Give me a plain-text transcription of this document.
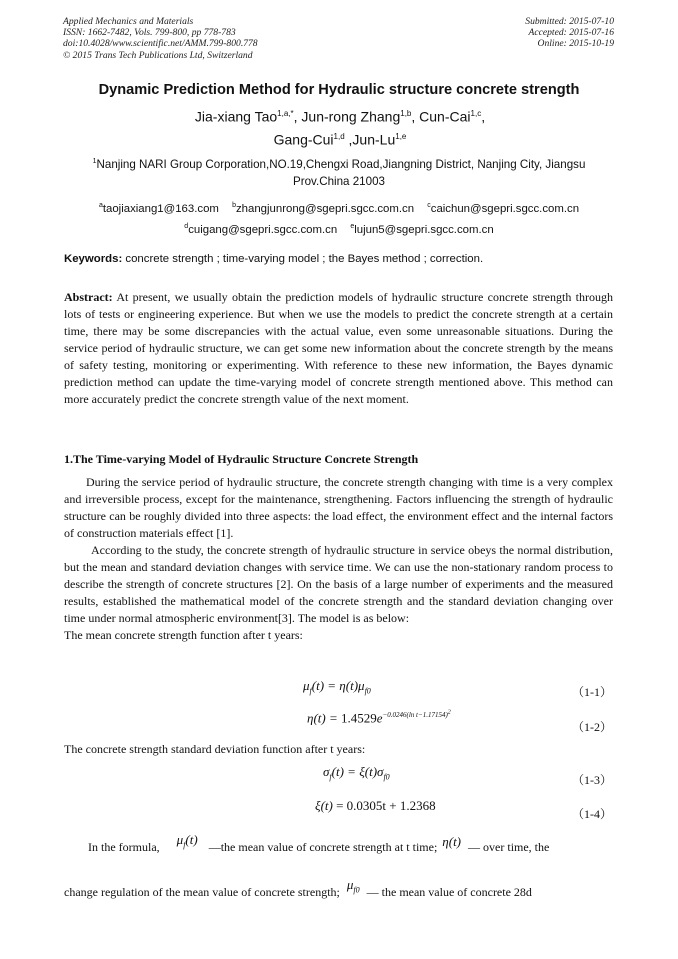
Applied Mechanics and Materials
ISSN: 1662-7482, Vols. 799-800, pp 778-783
doi:10.4028/www.scientific.net/AMM.799-800.778
© 2015 Trans Tech Publications Ltd, Switzerland
Submitted: 2015-07-10
Accepted: 2015-07-16
Online: 2015-10-19
Dynamic Prediction Method for Hydraulic structure concrete strength
Jia-xiang Tao$^{1,a,*}$, Jun-rong Zhang$^{1,b}$, Cun-Cai$^{1,c}$,
Gang-Cui$^{1,d}$ ,Jun-Lu$^{1,e}$
$^1$Nanjing NARI Group Corporation,NO.19,Chengxi Road,Jiangning District, Nanjing City, Jiangsu
Prov.China 21003
$^a$taojiaxiang1@163.com $^b$zhangjunrong@sgepri.sgcc.com.cn $^c$caichun@sgepri.sgcc.com.cn
$^d$cuigang@sgepri.sgcc.com.cn $^e$lujun5@sgepri.sgcc.com.cn
Keywords: concrete strength ; time-varying model ; the Bayes method ; correction.
Abstract: At present, we usually obtain the prediction models of hydraulic structure concrete strength through lots of tests or engineering experience. But when we use the models to predict the concrete strength at a certain time, there may be some discrepancies with the actual value, even some unreasonable situations. During the service period of hydraulic structure, we can get some new information about the concrete strength by the means of safety testing, monitoring or experimenting. With reference to these new information, the Bayes dynamic prediction method can update the time-varying model of concrete strength mentioned above. This method can more accurately predict the concrete strength value of the next moment.
1.The Time-varying Model of Hydraulic Structure Concrete Strength

During the service period of hydraulic structure, the concrete strength changing with time is a very complex and irreversible process, except for the maintenance, strengthening. Factors influencing the strength of hydraulic structure can be roughly divided into three aspects: the load effect, the environment effect and the internal factors of construction materials effect [1].

According to the study, the concrete strength of hydraulic structure in service obeys the normal distribution, but the mean and standard deviation changes with service time. We can use the non-stationary random process to describe the strength of concrete structures [2]. On the basis of a large number of experiments and the measured results, established the mathematical model of the concrete strength and the standard deviation changing over time under normal atmospheric environment[3]. The model is as below:

The mean concrete strength function after t years:

$\mu_f(t) = \eta(t)\mu_{f0}$	（1-1）
$\eta(t) = 1.4529e^{-0.0246(ln t-1.17154)^2}$
（1-2）
The concrete strength standard deviation function after t years:
$\sigma_f(t) = \xi(t)\sigma_{f0}$	（1-3）
ξ(t) = 0.0305t + 1.2368
（1-4）
In the formula, $\mu_f(t)$ —the mean value of concrete strength at t time; η(t) — over time, the
change regulation of the mean value of concrete strength; $\mu_{f0}$ — the mean value of concrete 28d
